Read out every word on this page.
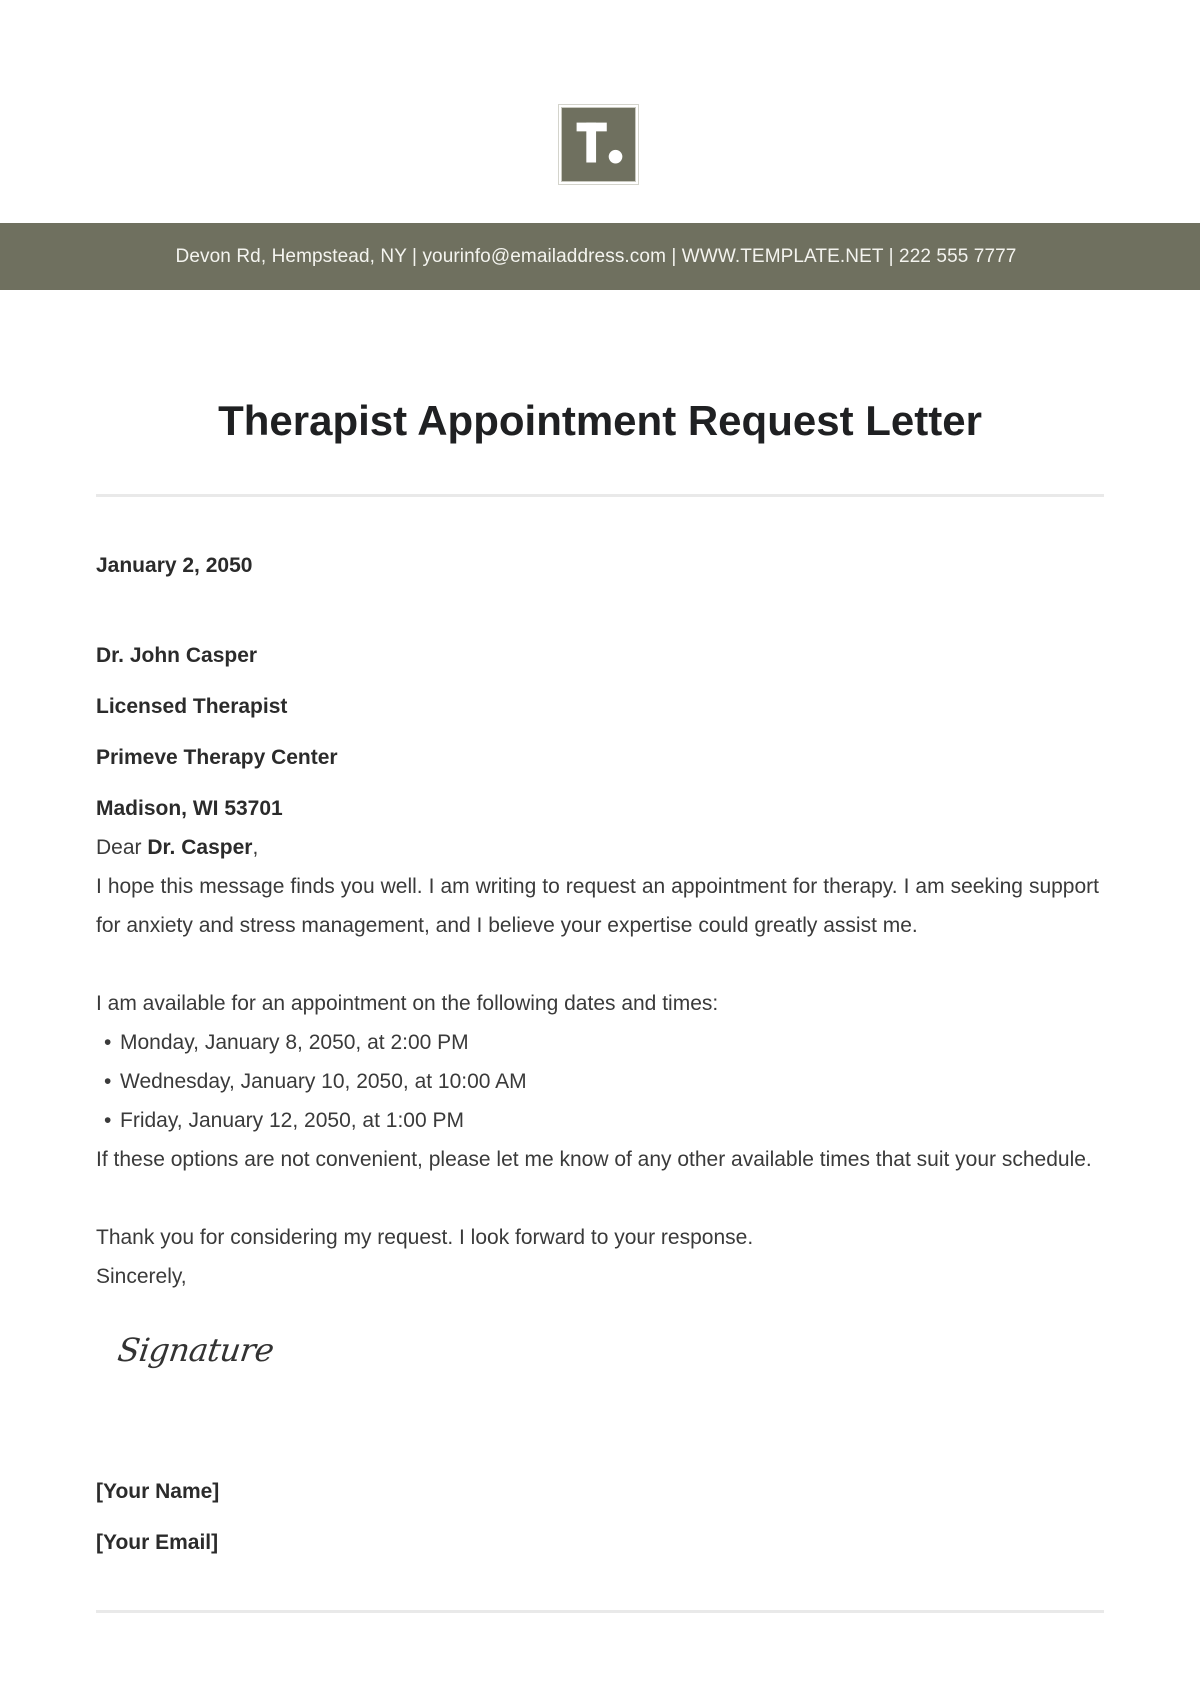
Devon Rd, Hempstead, NY | yourinfo@emailaddress.com | WWW.TEMPLATE.NET | 222 555 7777
Therapist Appointment Request Letter
January 2, 2050
Dr. John Casper
Licensed Therapist
Primeve Therapy Center
Madison, WI 53701
Dear Dr. Casper,
I hope this message finds you well. I am writing to request an appointment for therapy. I am seeking support for anxiety and stress management, and I believe your expertise could greatly assist me.
I am available for an appointment on the following dates and times:
• Monday, January 8, 2050, at 2:00 PM
• Wednesday, January 10, 2050, at 10:00 AM
• Friday, January 12, 2050, at 1:00 PM
If these options are not convenient, please let me know of any other available times that suit your schedule.
Thank you for considering my request. I look forward to your response.
Sincerely,
Signature
[Your Name]
[Your Email]
